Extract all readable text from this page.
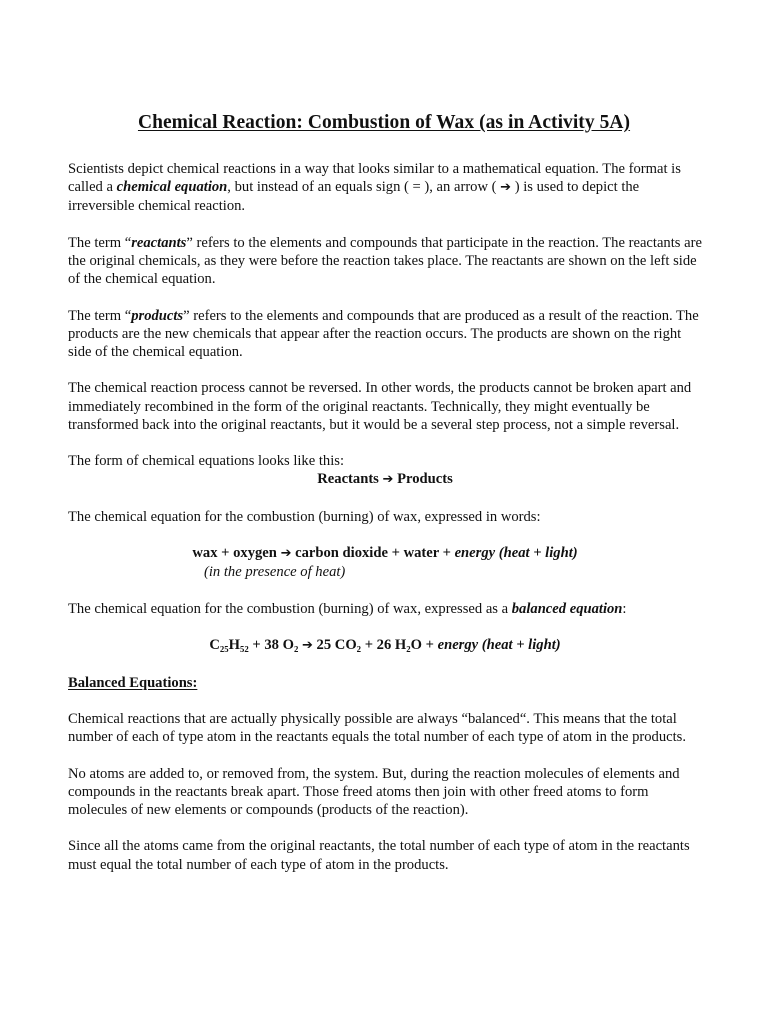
Chemical Reaction: Combustion of Wax (as in Activity 5A)

Scientists depict chemical reactions in a way that looks similar to a mathematical equation. The format is called a chemical equation, but instead of an equals sign ( = ), an arrow ( ➔ ) is used to depict the irreversible chemical reaction.

The term “reactants” refers to the elements and compounds that participate in the reaction. The reactants are the original chemicals, as they were before the reaction takes place. The reactants are shown on the left side of the chemical equation.

The term “products” refers to the elements and compounds that are produced as a result of the reaction. The products are the new chemicals that appear after the reaction occurs. The products are shown on the right side of the chemical equation.

The chemical reaction process cannot be reversed. In other words, the products cannot be broken apart and immediately recombined in the form of the original reactants. Technically, they might eventually be transformed back into the original reactants, but it would be a several step process, not a simple reversal.

The form of chemical equations looks like this:

Reactants ➔ Products

The chemical equation for the combustion (burning) of wax, expressed in words:

wax + oxygen ➔ carbon dioxide + water + energy (heat + light)

(in the presence of heat)

The chemical equation for the combustion (burning) of wax, expressed as a balanced equation:

C₂₅H₅₂ + 38 O₂ ➔ 25 CO₂ + 26 H₂O + energy (heat + light)

Balanced Equations:

Chemical reactions that are actually physically possible are always “balanced“. This means that the total number of each of type atom in the reactants equals the total number of each type of atom in the products.

No atoms are added to, or removed from, the system. But, during the reaction molecules of elements and compounds in the reactants break apart. Those freed atoms then join with other freed atoms to form molecules of new elements or compounds (products of the reaction).

Since all the atoms came from the original reactants, the total number of each type of atom in the reactants must equal the total number of each type of atom in the products.
